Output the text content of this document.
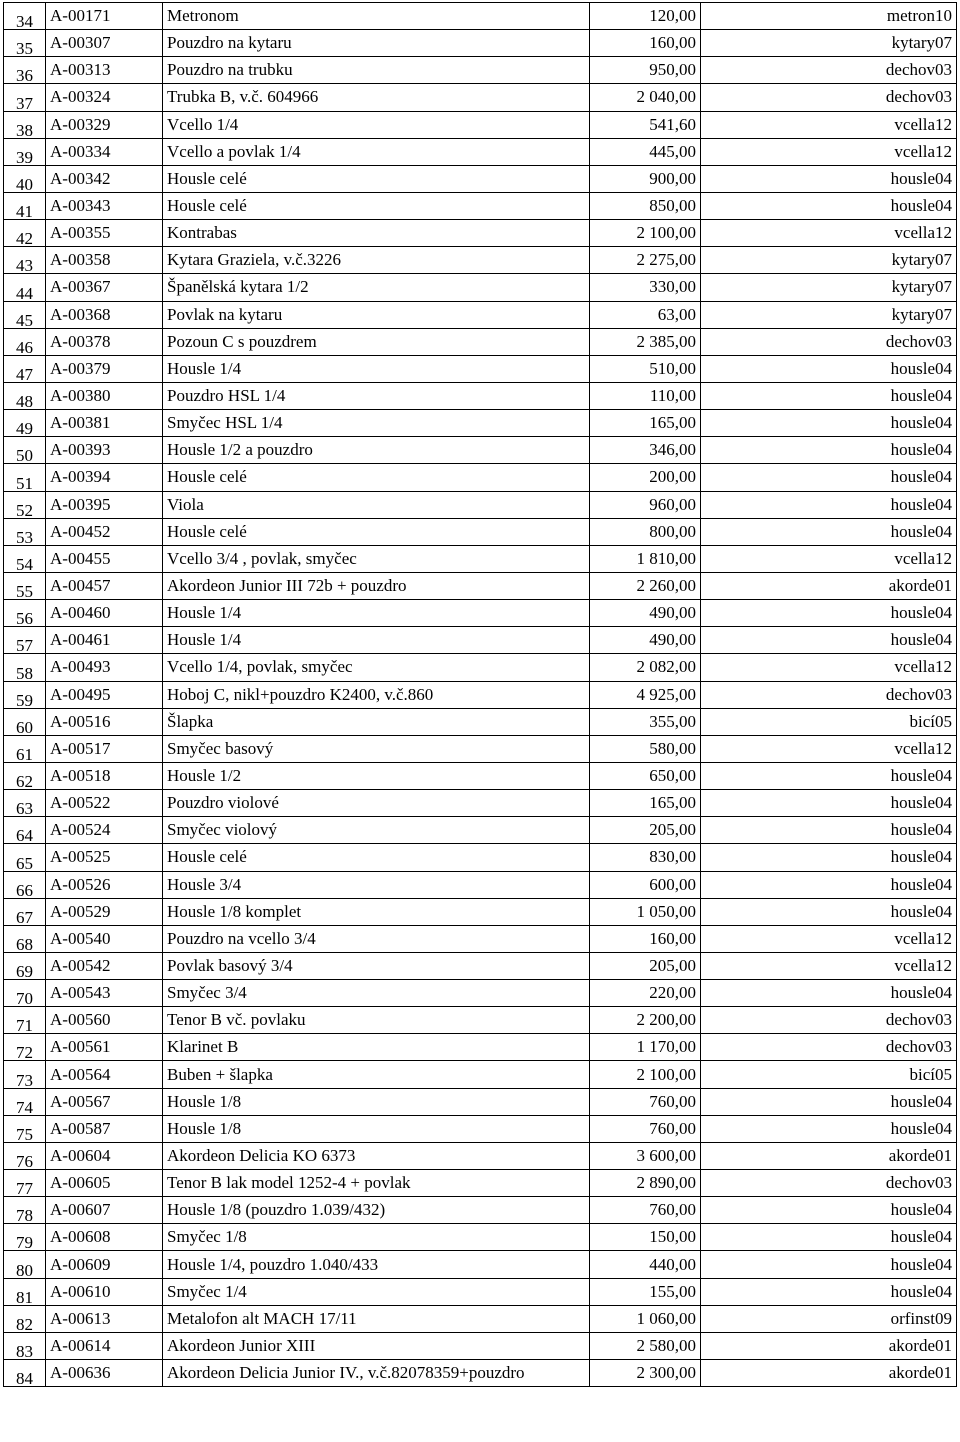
34	A-00171	Metronom	120,00	metron10
35	A-00307	Pouzdro na kytaru	160,00	kytary07
36	A-00313	Pouzdro na trubku	950,00	dechov03
37	A-00324	Trubka B, v.č. 604966	2 040,00	dechov03
38	A-00329	Vcello 1/4	541,60	vcella12
39	A-00334	Vcello a povlak 1/4	445,00	vcella12
40	A-00342	Housle celé	900,00	housle04
41	A-00343	Housle celé	850,00	housle04
42	A-00355	Kontrabas	2 100,00	vcella12
43	A-00358	Kytara Graziela, v.č.3226	2 275,00	kytary07
44	A-00367	Španělská kytara 1/2	330,00	kytary07
45	A-00368	Povlak na kytaru	63,00	kytary07
46	A-00378	Pozoun C s pouzdrem	2 385,00	dechov03
47	A-00379	Housle 1/4	510,00	housle04
48	A-00380	Pouzdro HSL 1/4	110,00	housle04
49	A-00381	Smyčec HSL 1/4	165,00	housle04
50	A-00393	Housle 1/2 a pouzdro	346,00	housle04
51	A-00394	Housle celé	200,00	housle04
52	A-00395	Viola	960,00	housle04
53	A-00452	Housle celé	800,00	housle04
54	A-00455	Vcello 3/4 , povlak, smyčec	1 810,00	vcella12
55	A-00457	Akordeon Junior III 72b + pouzdro	2 260,00	akorde01
56	A-00460	Housle 1/4	490,00	housle04
57	A-00461	Housle 1/4	490,00	housle04
58	A-00493	Vcello 1/4, povlak, smyčec	2 082,00	vcella12
59	A-00495	Hoboj C, nikl+pouzdro K2400, v.č.860	4 925,00	dechov03
60	A-00516	Šlapka	355,00	bicí05
61	A-00517	Smyčec basový	580,00	vcella12
62	A-00518	Housle 1/2	650,00	housle04
63	A-00522	Pouzdro violové	165,00	housle04
64	A-00524	Smyčec violový	205,00	housle04
65	A-00525	Housle celé	830,00	housle04
66	A-00526	Housle 3/4	600,00	housle04
67	A-00529	Housle 1/8 komplet	1 050,00	housle04
68	A-00540	Pouzdro na vcello 3/4	160,00	vcella12
69	A-00542	Povlak basový 3/4	205,00	vcella12
70	A-00543	Smyčec 3/4	220,00	housle04
71	A-00560	Tenor B vč. povlaku	2 200,00	dechov03
72	A-00561	Klarinet B	1 170,00	dechov03
73	A-00564	Buben + šlapka	2 100,00	bicí05
74	A-00567	Housle 1/8	760,00	housle04
75	A-00587	Housle 1/8	760,00	housle04
76	A-00604	Akordeon Delicia KO 6373	3 600,00	akorde01
77	A-00605	Tenor B lak model 1252-4 + povlak	2 890,00	dechov03
78	A-00607	Housle 1/8 (pouzdro 1.039/432)	760,00	housle04
79	A-00608	Smyčec 1/8	150,00	housle04
80	A-00609	Housle 1/4, pouzdro 1.040/433	440,00	housle04
81	A-00610	Smyčec 1/4	155,00	housle04
82	A-00613	Metalofon alt MACH 17/11	1 060,00	orfinst09
83	A-00614	Akordeon Junior XIII	2 580,00	akorde01
84	A-00636	Akordeon Delicia Junior IV., v.č.82078359+pouzdro	2 300,00	akorde01
